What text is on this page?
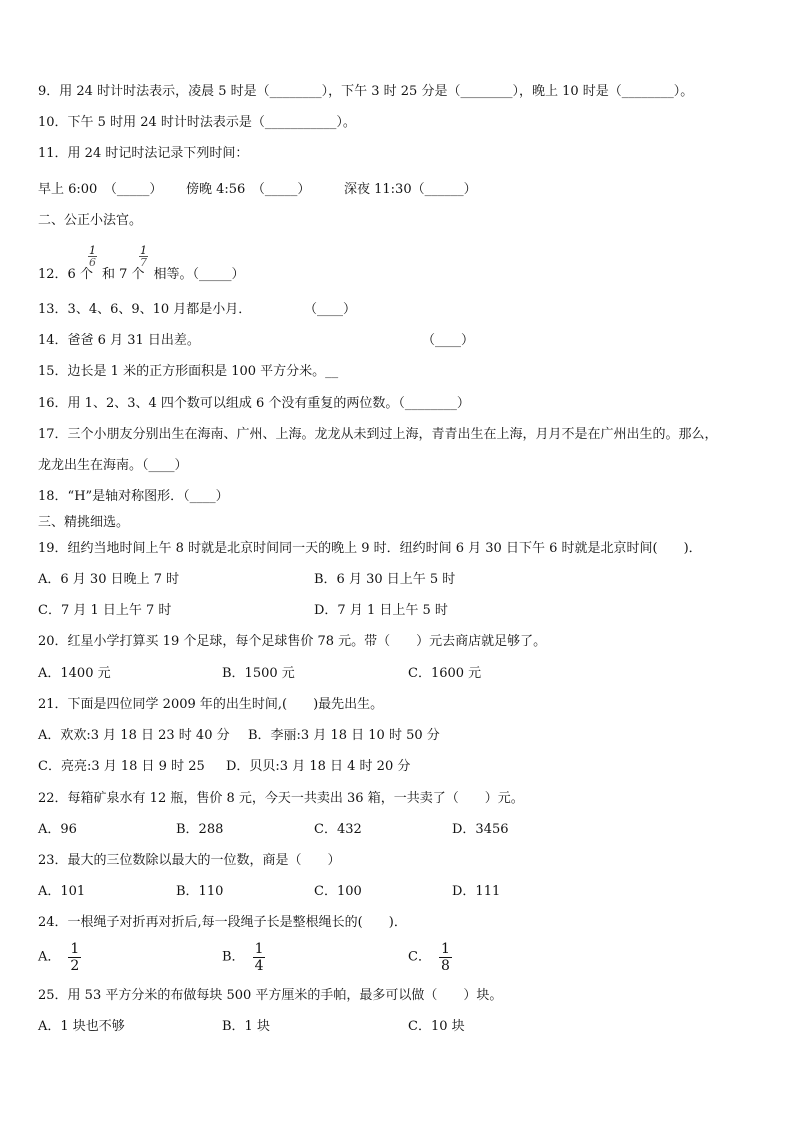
9．用 24 时计时法表示，凌晨 5 时是（________），下午 3 时 25 分是（________），晚上 10 时是（________）。
10．下午 5 时用 24 时计时法表示是（___________）。
11．用 24 时记时法记录下列时间：
早上 6:00　（_____） 傍晚 4:56　（_____）	深夜 11:30（______）
二、公正小法官。
12．6 个 和 7 个 相等。（_____）
$\frac{1}{6}$	$\frac{1}{7}$
13．3、4、6、9、10 月都是小月．	（____）
14．爸爸 6 月 31 日出差。	（____）
15．边长是 1 米的正方形面积是 100 平方分米。__
16．用 1、2、3、4 四个数可以组成 6 个没有重复的两位数。（________）
17．三个小朋友分别出生在海南、广州、上海。龙龙从未到过上海，青青出生在上海，月月不是在广州出生的。那么，
龙龙出生在海南。（____）
18．“H”是轴对称图形．（____）
三、精挑细选。
19．纽约当地时间上午 8 时就是北京时间同一天的晚上 9 时．纽约时间 6 月 30 日下午 6 时就是北京时间(　　)．
A．6 月 30 日晚上 7 时	B．6 月 30 日上午 5 时
C．7 月 1 日上午 7 时	D．7 月 1 日上午 5 时
20．红星小学打算买 19 个足球，每个足球售价 78 元。带（　　）元去商店就足够了。
A．1400 元	B．1500 元	C．1600 元
21．下面是四位同学 2009 年的出生时间,(　　)最先出生。
A．欢欢:3 月 18 日 23 时 40 分 B．李丽:3 月 18 日 10 时 50 分
C．亮亮:3 月 18 日 9 时 25 D．贝贝:3 月 18 日 4 时 20 分
22．每箱矿泉水有 12 瓶，售价 8 元，今天一共卖出 36 箱，一共卖了（　　）元。
A．96	B．288	C．432	D．3456
23．最大的三位数除以最大的一位数，商是（　　）
A．101	B．110	C．100	D．111
24．一根绳子对折再对折后,每一段绳子长是整根绳长的(　　)．
A． $\frac{1}{2}$	B． $\frac{1}{4}$	C． $\frac{1}{8}$
25．用 53 平方分米的布做每块 500 平方厘米的手帕，最多可以做（　　）块。
A．1 块也不够	B．1 块	C．10 块
